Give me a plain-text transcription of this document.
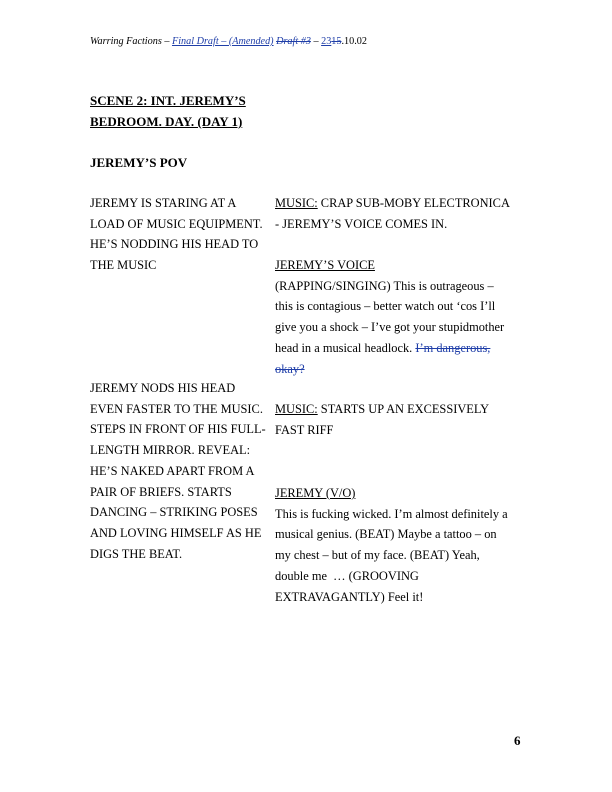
Warring Factions – Final Draft – (Amended) Draft #3 – 2315.10.02
SCENE 2: INT. JEREMY’S
BEDROOM. DAY. (DAY 1)
JEREMY’S POV
JEREMY IS STARING AT A
LOAD OF MUSIC EQUIPMENT.
HE’S NODDING HIS HEAD TO
THE MUSIC
JEREMY NODS HIS HEAD
EVEN FASTER TO THE MUSIC.
STEPS IN FRONT OF HIS FULL-
LENGTH MIRROR. REVEAL:
HE’S NAKED APART FROM A
PAIR OF BRIEFS. STARTS
DANCING – STRIKING POSES
AND LOVING HIMSELF AS HE
DIGS THE BEAT.
MUSIC: CRAP SUB-MOBY ELECTRONICA
- JEREMY’S VOICE COMES IN.
JEREMY’S VOICE
(RAPPING/SINGING) This is outrageous –
this is contagious – better watch out ‘cos I’ll
give you a shock – I’ve got your stupidmother
head in a musical headlock. I’m dangerous,
okay?
MUSIC: STARTS UP AN EXCESSIVELY
FAST RIFF
JEREMY (V/O)
This is fucking wicked. I’m almost definitely a
musical genius. (BEAT) Maybe a tattoo – on
my chest – but of my face. (BEAT) Yeah,
double me  … (GROOVING
EXTRAVAGANTLY) Feel it!
6
